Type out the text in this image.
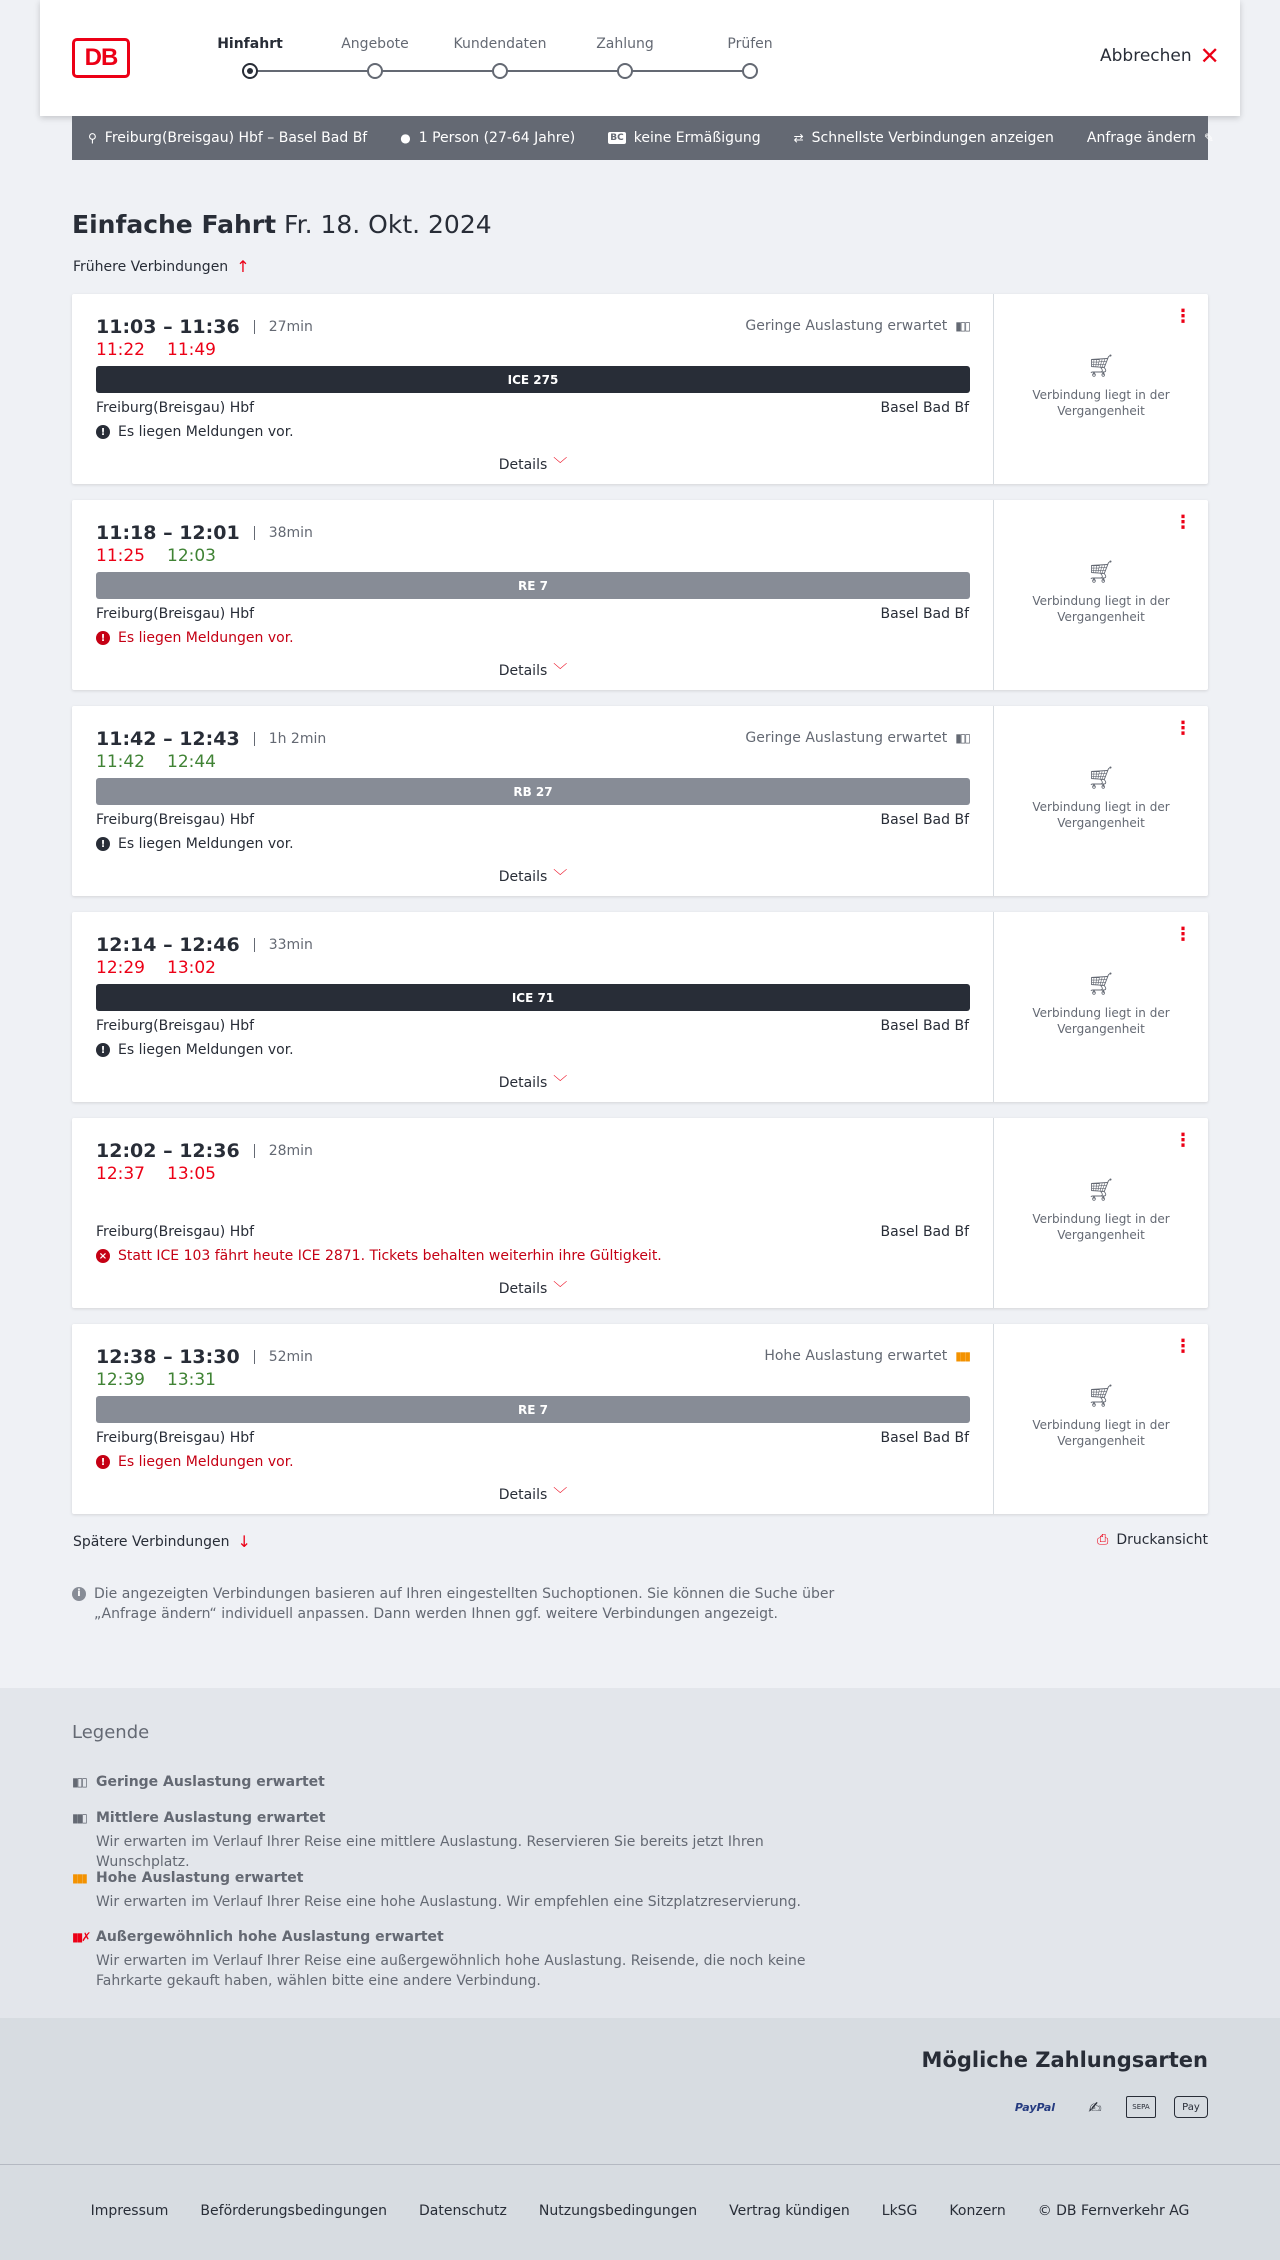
DB	Hinfahrt	Angebote	Kundendaten	Zahlung	Prüfen
Abbrechen ✕
⚲ Freiburg(Breisgau) Hbf – Basel Bad Bf	● 1 Person (27-64 Jahre)	BC keine Ermäßigung	⇄ Schnellste Verbindungen anzeigen Anfrage ändern ✎
Einfache Fahrt Fr. 18. Okt. 2024
Frühere Verbindungen ↑
11:03 – 11:36	27min
11:22 11:49
Geringe Auslastung erwartet ▮▯▯
ICE 275
Freiburg(Breisgau) Hbf	Basel Bad Bf
! Es liegen Meldungen vor.
Details ﹀
⋮
🛒︎
Verbindung liegt in der Vergangenheit
11:18 – 12:01	38min
11:25 12:03
RE 7
Freiburg(Breisgau) Hbf	Basel Bad Bf
! Es liegen Meldungen vor.
Details ﹀
⋮
🛒︎
Verbindung liegt in der Vergangenheit
11:42 – 12:43	1h 2min
11:42 12:44
Geringe Auslastung erwartet ▮▯▯
RB 27
Freiburg(Breisgau) Hbf	Basel Bad Bf
! Es liegen Meldungen vor.
Details ﹀
⋮
🛒︎
Verbindung liegt in der Vergangenheit
12:14 – 12:46	33min
12:29 13:02
ICE 71
Freiburg(Breisgau) Hbf	Basel Bad Bf
! Es liegen Meldungen vor.
Details ﹀
⋮
🛒︎
Verbindung liegt in der Vergangenheit
12:02 – 12:36	28min
12:37 13:05
Freiburg(Breisgau) Hbf	Basel Bad Bf
× Statt ICE 103 fährt heute ICE 2871. Tickets behalten weiterhin ihre Gültigkeit.
Details ﹀
⋮
🛒︎
Verbindung liegt in der Vergangenheit
12:38 – 13:30	52min
12:39 13:31
Hohe Auslastung erwartet ▮▮▮
RE 7
Freiburg(Breisgau) Hbf	Basel Bad Bf
! Es liegen Meldungen vor.
Details ﹀
⋮
🛒︎
Verbindung liegt in der Vergangenheit
Spätere Verbindungen ↓	⎙ Druckansicht
i Die angezeigten Verbindungen basieren auf Ihren eingestellten Suchoptionen. Sie können die Suche über „Anfrage ändern“ individuell anpassen. Dann werden Ihnen ggf. weitere Verbindungen angezeigt.
Legende
▮▯▯ Geringe Auslastung erwartet
▮▮▯ Mittlere Auslastung erwartet
Wir erwarten im Verlauf Ihrer Reise eine mittlere Auslastung. Reservieren Sie bereits jetzt Ihren Wunschplatz.
▮▮▮ Hohe Auslastung erwartet
Wir erwarten im Verlauf Ihrer Reise eine hohe Auslastung. Wir empfehlen eine Sitzplatzreservierung.
▮▮✗ Außergewöhnlich hohe Auslastung erwartet
Wir erwarten im Verlauf Ihrer Reise eine außergewöhnlich hohe Auslastung. Reisende, die noch keine Fahrkarte gekauft haben, wählen bitte eine andere Verbindung.
Mögliche Zahlungsarten
PayPal	✍	SEPA	Pay
Impressum Beförderungsbedingungen Datenschutz Nutzungsbedingungen Vertrag kündigen LkSG Konzern © DB Fernverkehr AG
